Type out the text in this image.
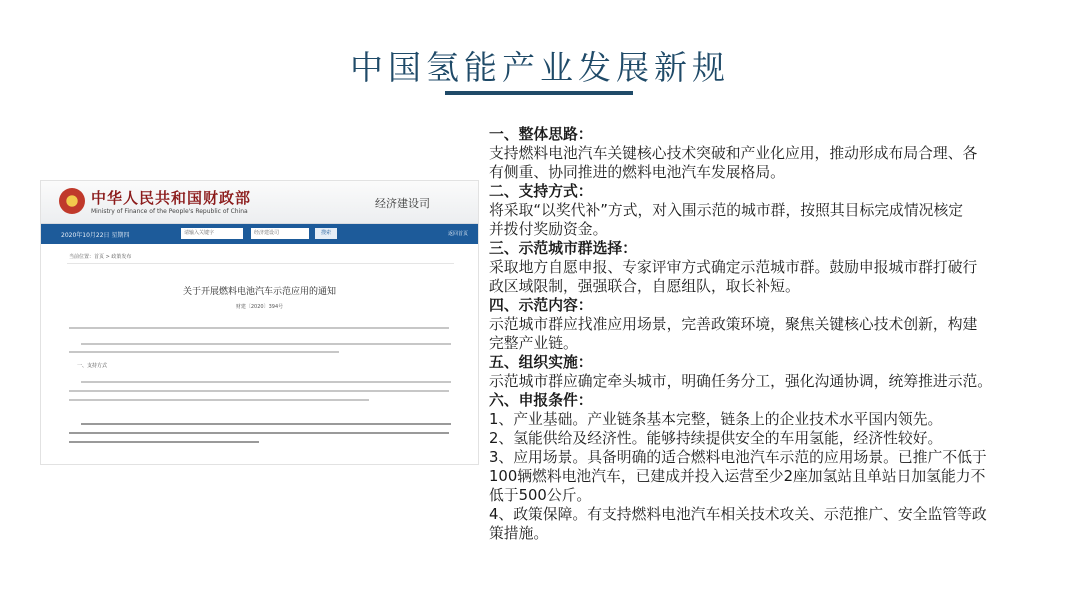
中国氢能产业发展新规
中华人民共和国财政部
Ministry of Finance of the People's Republic of China
经济建设司
2020年10月22日 星期四	请输入关键字	经济建设司	搜索	返回首页
当前位置：首页 > 政策发布
关于开展燃料电池汽车示范应用的通知
财建〔2020〕394号
一、支持方式

一、整体思路：

支持燃料电池汽车关键核心技术突破和产业化应用，推动形成布局合理、各

有侧重、协同推进的燃料电池汽车发展格局。

二、支持方式：

将采取“以奖代补”方式，对入围示范的城市群，按照其目标完成情况核定

并拨付奖励资金。

三、示范城市群选择：

采取地方自愿申报、专家评审方式确定示范城市群。鼓励申报城市群打破行

政区域限制，强强联合，自愿组队，取长补短。

四、示范内容：

示范城市群应找准应用场景，完善政策环境，聚焦关键核心技术创新，构建

完整产业链。

五、组织实施：

示范城市群应确定牵头城市，明确任务分工，强化沟通协调，统筹推进示范。

六、申报条件：

1、产业基础。产业链条基本完整，链条上的企业技术水平国内领先。

2、氢能供给及经济性。能够持续提供安全的车用氢能，经济性较好。

3、应用场景。具备明确的适合燃料电池汽车示范的应用场景。已推广不低于

100辆燃料电池汽车，已建成并投入运营至少2座加氢站且单站日加氢能力不

低于500公斤。

4、政策保障。有支持燃料电池汽车相关技术攻关、示范推广、安全监管等政

策措施。
